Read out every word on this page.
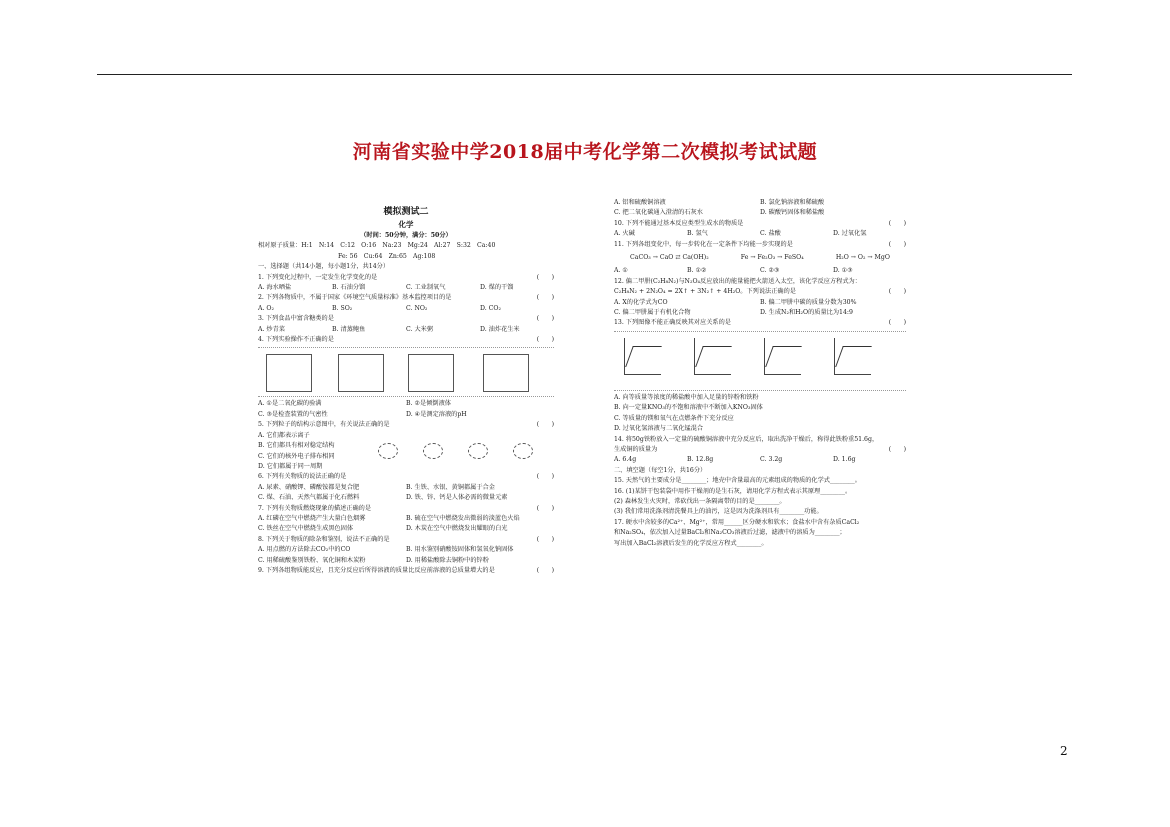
河南省实验中学2018届中考化学第二次模拟考试试题
模拟测试二
化学
（时间：50分钟，满分：50分）
相对原子质量：H:1　N:14　C:12　O:16　Na:23　Mg:24　Al:27　S:32　Ca:40
Fe: 56　Cu:64　Zn:65　Ag:108
一、选择题（共14小题，每小题1分，共14分）
1. 下列变化过程中，一定发生化学变化的是	(　　)
A. 海水晒盐	B. 石油分馏	C. 工业制氧气	D. 煤的干馏
2. 下列各物质中，不属于国家《环境空气质量标准》基本监控项目的是	(　　)
A. O₂	B. SO₂	C. NO₂	D. CO₂
3. 下列食品中富含糖类的是	(　　)
A. 炒青菜	B. 清蒸鲍鱼	C. 大米粥	D. 油炸花生米
4. 下列实验操作不正确的是	(　　)
A. ①是二氧化碳的验满	B. ②是倾倒液体
C. ③是检查装置的气密性	D. ④是测定溶液的pH
5. 下列粒子的结构示意图中，有关说法正确的是	(　　)
A. 它们都表示离子
B. 它们都具有相对稳定结构
C. 它们的核外电子排布相同
D. 它们都属于同一周期
6. 下列有关物质的说法正确的是	(　　)
A. 尿素、硝酸钾、磷酸铵都是复合肥	B. 生铁、水银、黄铜都属于合金
C. 煤、石油、天然气都属于化石燃料	D. 铁、锌、钙是人体必需的微量元素
7. 下列有关物质燃烧现象的描述正确的是	(　　)
A. 红磷在空气中燃烧产生大量白色烟雾	B. 硫在空气中燃烧发出微弱的淡蓝色火焰
C. 铁丝在空气中燃烧生成黑色固体	D. 木炭在空气中燃烧发出耀眼的白光
8. 下列关于物质的除杂和鉴别，说法不正确的是	(　　)
A. 用点燃的方法除去CO₂中的CO	B. 用水鉴别硝酸铵固体和氢氧化钠固体
C. 用稀硫酸鉴别铁粉、氧化铜和木炭粉	D. 用稀盐酸除去铜粉中的锌粉
9. 下列各组物质能反应，且充分反应后所得溶液的质量比反应前溶液的总质量增大的是	(　　)
A. 铝和硫酸铜溶液	B. 氯化钠溶液和稀硫酸
C. 把二氧化碳通入澄清的石灰水	D. 碳酸钙固体和稀盐酸
10. 下列不能通过基本反应类型生成水的物质是	(　　)
A. 火碱	B. 氢气	C. 盐酸	D. 过氧化氢
11. 下列各组变化中，每一步转化在一定条件下均能一步实现的是	(　　)
CaCO₃ → CaO ⇄ Ca(OH)₂	Fe → Fe₂O₃ → FeSO₄	H₂O → O₂ → MgO
A. ①	B. ①②	C. ②③	D. ①③
12. 偏二甲肼(C₂H₈N₂)与N₂O₄反应放出的能量能把火箭送入太空，该化学反应方程式为：
C₂H₈N₂ + 2N₂O₄ = 2X↑ + 3N₂↑ + 4H₂O。下列说法正确的是	(　　)
A. X的化学式为CO	B. 偏二甲肼中碳的质量分数为30%
C. 偏二甲肼属于有机化合物	D. 生成N₂和H₂O的质量比为14:9
13. 下列图像不能正确反映其对应关系的是	(　　)
A. 向等质量等浓度的稀盐酸中加入足量的锌粉和铁粉
B. 向一定量KNO₃的不饱和溶液中不断加入KNO₃固体
C. 等质量的镁和氧气在点燃条件下充分反应
D. 过氧化氢溶液与二氧化锰混合
14. 将50g铁粉放入一定量的硫酸铜溶液中充分反应后，取出洗净干燥后，称得此铁粉重51.6g，
生成铜的质量为	(　　)
A. 6.4g	B. 12.8g	C. 3.2g	D. 1.6g
二、填空题（每空1分，共16分）
15. 天然气的主要成分是________；地壳中含量最高的元素组成的物质的化学式________。
16. (1)某饼干包装袋中用作干燥剂的是生石灰，请用化学方程式表示其原理________。
(2) 森林发生火灾时，常砍伐出一条隔离带的目的是________。
(3) 我们常用洗涤剂清洗餐具上的油污，这是因为洗涤剂具有________功能。
17. 硬水中含较多的Ca²⁺、Mg²⁺，常用______区分硬水和软水；食盐水中含有杂质CaCl₂
和Na₂SO₄，依次加入过量BaCl₂和Na₂CO₃溶液后过滤，滤液中的溶质为________；
写出加入BaCl₂溶液后发生的化学反应方程式________。
2
